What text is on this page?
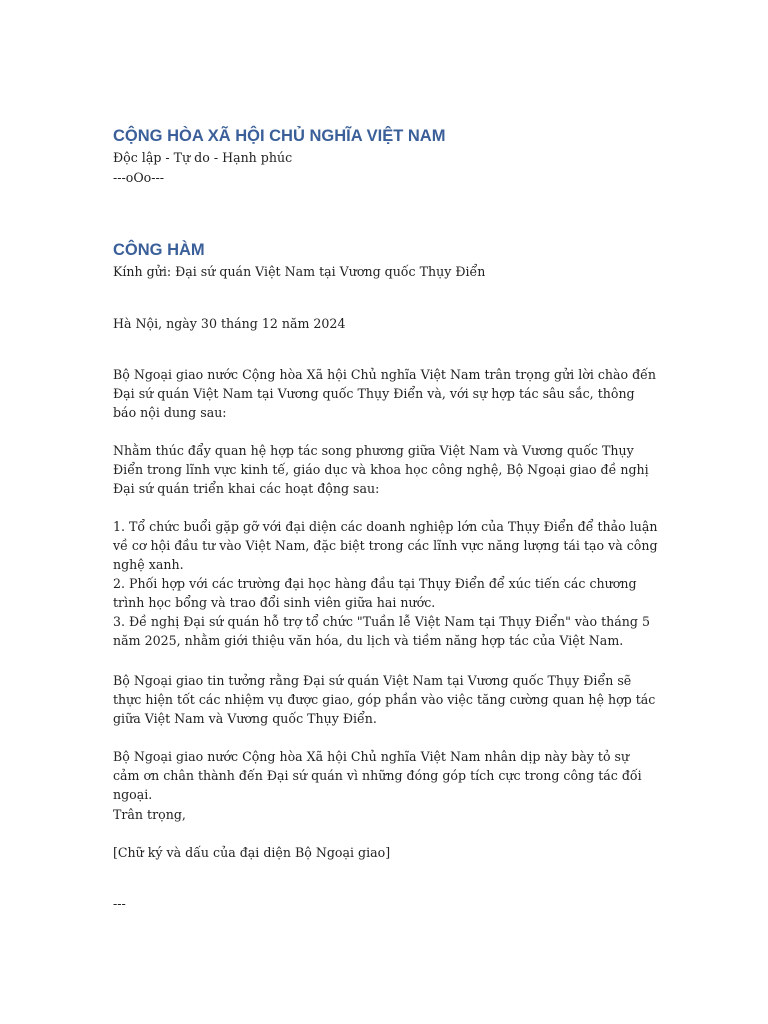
CỘNG HÒA XÃ HỘI CHỦ NGHĨA VIỆT NAM

Độc lập - Tự do - Hạnh phúc

---oOo---

CÔNG HÀM

Kính gửi: Đại sứ quán Việt Nam tại Vương quốc Thụy Điển

Hà Nội, ngày 30 tháng 12 năm 2024

Bộ Ngoại giao nước Cộng hòa Xã hội Chủ nghĩa Việt Nam trân trọng gửi lời chào đến Đại sứ quán Việt Nam tại Vương quốc Thụy Điển và, với sự hợp tác sâu sắc, thông báo nội dung sau:

Nhằm thúc đẩy quan hệ hợp tác song phương giữa Việt Nam và Vương quốc Thụy Điển trong lĩnh vực kinh tế, giáo dục và khoa học công nghệ, Bộ Ngoại giao đề nghị Đại sứ quán triển khai các hoạt động sau:

1. Tổ chức buổi gặp gỡ với đại diện các doanh nghiệp lớn của Thụy Điển để thảo luận về cơ hội đầu tư vào Việt Nam, đặc biệt trong các lĩnh vực năng lượng tái tạo và công nghệ xanh.

2. Phối hợp với các trường đại học hàng đầu tại Thụy Điển để xúc tiến các chương trình học bổng và trao đổi sinh viên giữa hai nước.

3. Đề nghị Đại sứ quán hỗ trợ tổ chức "Tuần lễ Việt Nam tại Thụy Điển" vào tháng 5 năm 2025, nhằm giới thiệu văn hóa, du lịch và tiềm năng hợp tác của Việt Nam.

Bộ Ngoại giao tin tưởng rằng Đại sứ quán Việt Nam tại Vương quốc Thụy Điển sẽ thực hiện tốt các nhiệm vụ được giao, góp phần vào việc tăng cường quan hệ hợp tác giữa Việt Nam và Vương quốc Thụy Điển.

Bộ Ngoại giao nước Cộng hòa Xã hội Chủ nghĩa Việt Nam nhân dịp này bày tỏ sự cảm ơn chân thành đến Đại sứ quán vì những đóng góp tích cực trong công tác đối ngoại.

Trân trọng,

[Chữ ký và dấu của đại diện Bộ Ngoại giao]

---
